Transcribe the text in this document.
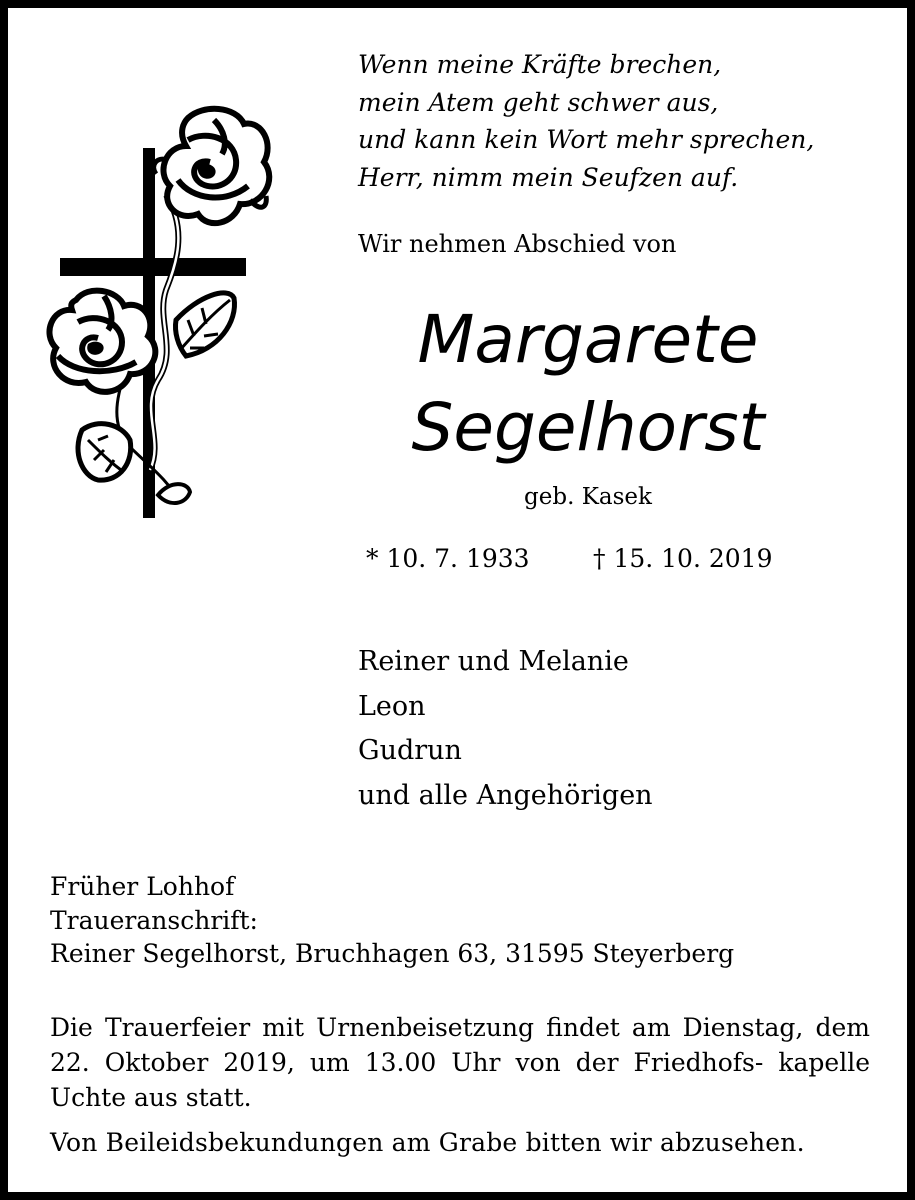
Wenn meine Kräfte brechen,
mein Atem geht schwer aus,
und kann kein Wort mehr sprechen,
Herr, nimm mein Seufzen auf.
Wir nehmen Abschied von
Margarete
Segelhorst
geb. Kasek
* 10. 7. 1933	† 15. 10. 2019
Reiner und Melanie
Leon
Gudrun
und alle Angehörigen
Früher Lohhof
Traueranschrift:
Reiner Segelhorst, Bruchhagen 63, 31595 Steyerberg
Die Trauerfeier mit Urnenbeisetzung findet am Dienstag, dem 22. Oktober 2019, um 13.00 Uhr von der Friedhofs- kapelle Uchte aus statt.
Von Beileidsbekundungen am Grabe bitten wir abzusehen.
